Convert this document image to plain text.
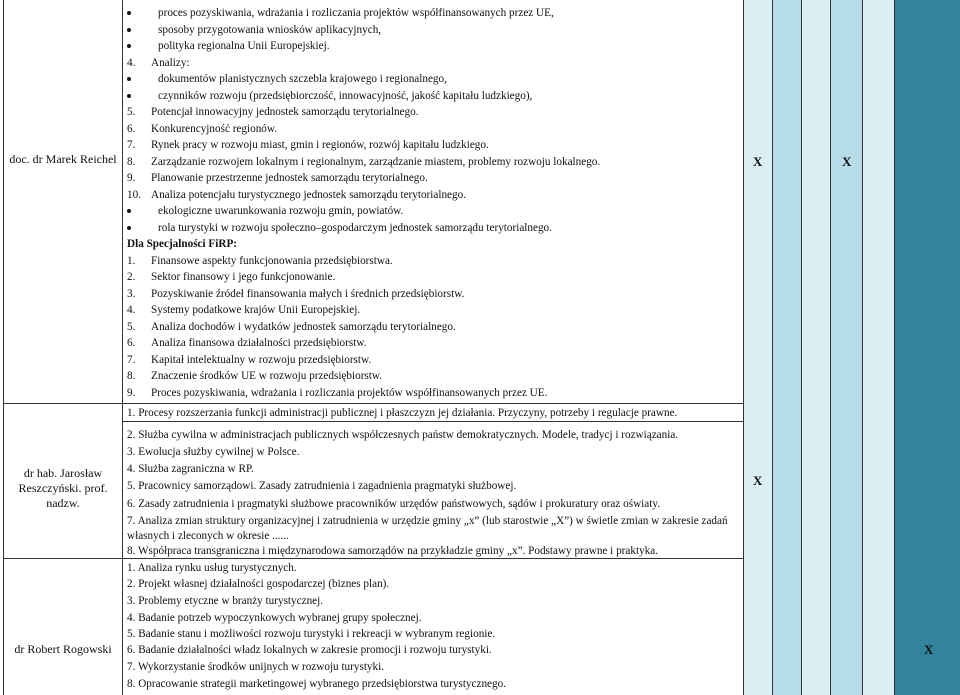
doc. dr Marek Reichel
dr hab. Jarosław
Reszczyński. prof. nadzw.
dr Robert Rogowski
proces pozyskiwania, wdrażania i rozliczania projektów współfinansowanych przez UE,
sposoby przygotowania wniosków aplikacyjnych,
polityka regionalna Unii Europejskiej.
4. Analizy:
dokumentów planistycznych szczebla krajowego i regionalnego,
czynników rozwoju (przedsiębiorczość, innowacyjność, jakość kapitału ludzkiego),
5. Potencjał innowacyjny jednostek samorządu terytorialnego.
6. Konkurencyjność regionów.
7. Rynek pracy w rozwoju miast, gmin i regionów, rozwój kapitału ludzkiego.
8. Zarządzanie rozwojem lokalnym i regionalnym, zarządzanie miastem, problemy rozwoju lokalnego.
9. Planowanie przestrzenne jednostek samorządu terytorialnego.
10. Analiza potencjału turystycznego jednostek samorządu terytorialnego.
ekologiczne uwarunkowania rozwoju gmin, powiatów.
rola turystyki w rozwoju społeczno–gospodarczym jednostek samorządu terytorialnego.
Dla Specjalności FiRP:
1. Finansowe aspekty funkcjonowania przedsiębiorstwa.
2. Sektor finansowy i jego funkcjonowanie.
3. Pozyskiwanie źródeł finansowania małych i średnich przedsiębiorstw.
4. Systemy podatkowe krajów Unii Europejskiej.
5. Analiza dochodów i wydatków jednostek samorządu terytorialnego.
6. Analiza finansowa działalności przedsiębiorstw.
7. Kapitał intelektualny w rozwoju przedsiębiorstw.
8. Znaczenie środków UE w rozwoju przedsiębiorstw.
9. Proces pozyskiwania, wdrażania i rozliczania projektów współfinansowanych przez UE.
1. Procesy rozszerzania funkcji administracji publicznej i płaszczyzn jej działania. Przyczyny, potrzeby i regulacje prawne.
2. Służba cywilna w administracjach publicznych współczesnych państw demokratycznych. Modele, tradycj i rozwiązania.
3. Ewolucja służby cywilnej w Polsce.
4. Służba zagraniczna w RP.
5. Pracownicy samorządowi. Zasady zatrudnienia i zagadnienia pragmatyki służbowej.
6. Zasady zatrudnienia i pragmatyki służbowe pracowników urzędów państwowych, sądów i prokuratury oraz oświaty.
7. Analiza zmian struktury organizacyjnej i zatrudnienia w urzędzie gminy „x” (lub starostwie „X”) w świetle zmian w zakresie zadań
własnych i zleconych w okresie ......
8. Współpraca transgraniczna i międzynarodowa samorządów na przykładzie gminy „x”. Podstawy prawne i praktyka.
1. Analiza rynku usług turystycznych.
2. Projekt własnej działalności gospodarczej (biznes plan).
3. Problemy etyczne w branży turystycznej.
4. Badanie potrzeb wypoczynkowych wybranej grupy społecznej.
5. Badanie stanu i możliwości rozwoju turystyki i rekreacji w wybranym regionie.
6. Badanie działalności władz lokalnych w zakresie promocji i rozwoju turystyki.
7. Wykorzystanie środków unijnych w rozwoju turystyki.
8. Opracowanie strategii marketingowej wybranego przedsiębiorstwa turystycznego.
X	X
X
X
